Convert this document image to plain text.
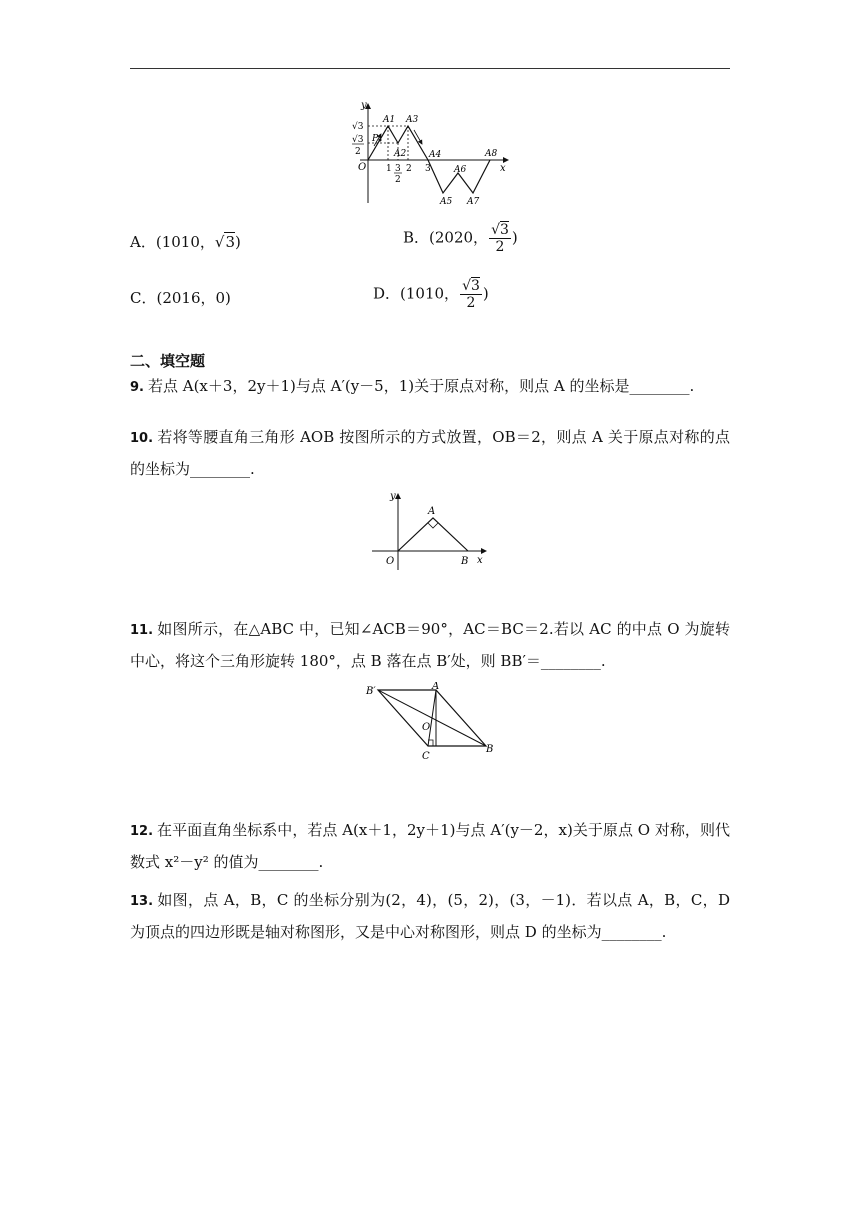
y
x
O
√3
√3
2
A1 A3
A2
P
A4
A6
A8
A5 A7
1 3
2
2 3
A．(1010，√3)	B．(2020， $\frac{√3}{2}$ )
C．(2016，0)	D．(1010， $\frac{√3}{2}$ )
二、填空题
9. 若点 A(x＋3，2y＋1)与点 A′(y－5，1)关于原点对称，则点 A 的坐标是________.
10. 若将等腰直角三角形 AOB 按图所示的方式放置，OB＝2，则点 A 关于原点对称的点的坐标为________.
y
x
O
A
B
11. 如图所示，在△ABC 中，已知∠ACB＝90°，AC＝BC＝2.若以 AC 的中点 O 为旋转中心，将这个三角形旋转 180°，点 B 落在点 B′处，则 BB′＝________.
B′	A
O
B
C
12. 在平面直角坐标系中，若点 A(x＋1，2y＋1)与点 A′(y－2，x)关于原点 O 对称，则代数式 x²－y² 的值为________.
13. 如图，点 A，B，C 的坐标分别为(2，4)，(5，2)，(3，－1)．若以点 A，B，C，D 为顶点的四边形既是轴对称图形，又是中心对称图形，则点 D 的坐标为________.
